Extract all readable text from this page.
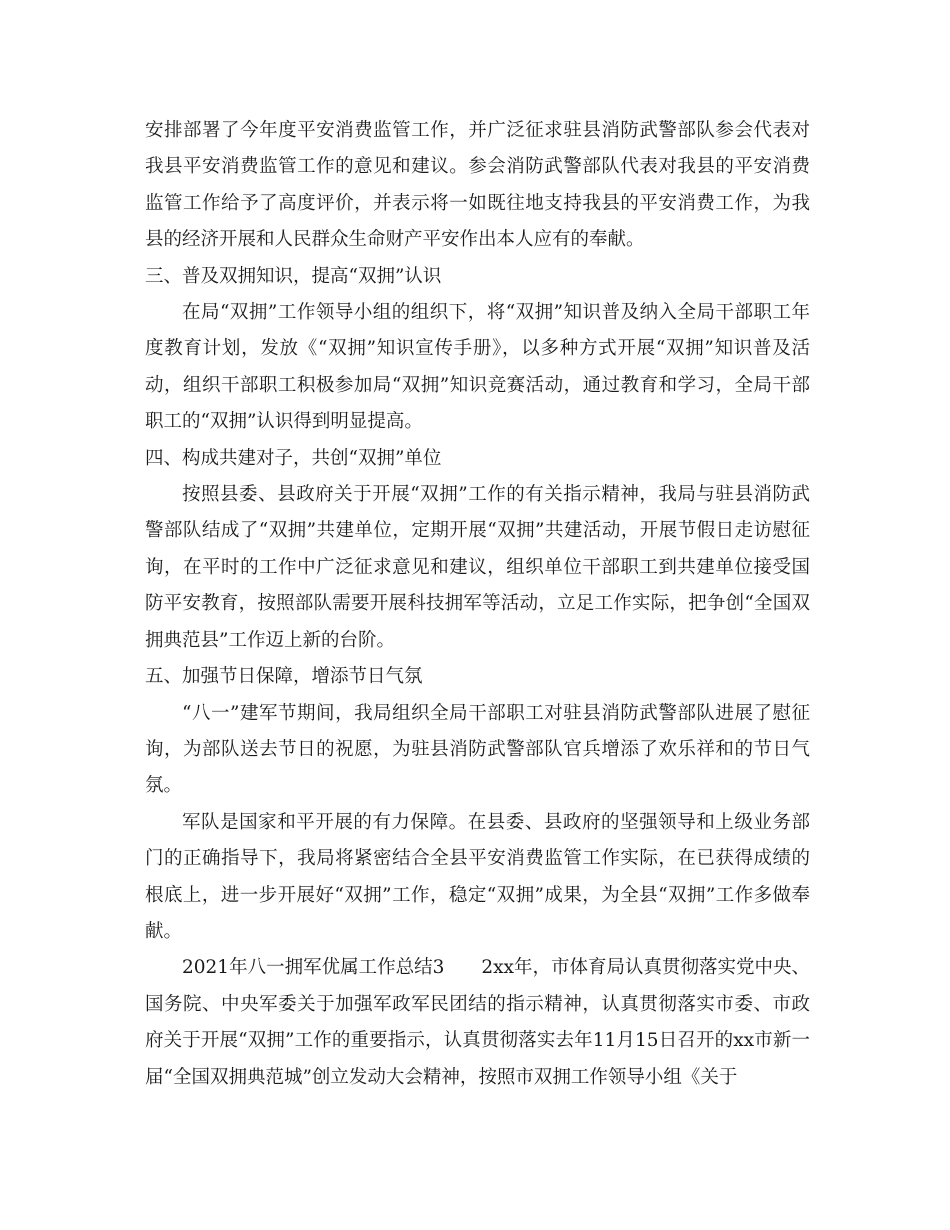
安排部署了今年度平安消费监管工作，并广泛征求驻县消防武警部队参会代表对我县平安消费监管工作的意见和建议。参会消防武警部队代表对我县的平安消费监管工作给予了高度评价，并表示将一如既往地支持我县的平安消费工作，为我县的经济开展和人民群众生命财产平安作出本人应有的奉献。

三、普及双拥知识，提高“双拥”认识

在局“双拥”工作领导小组的组织下，将“双拥”知识普及纳入全局干部职工年度教育计划，发放《“双拥”知识宣传手册》，以多种方式开展“双拥”知识普及活动，组织干部职工积极参加局“双拥”知识竞赛活动，通过教育和学习，全局干部职工的“双拥”认识得到明显提高。

四、构成共建对子，共创“双拥”单位

按照县委、县政府关于开展“双拥”工作的有关指示精神，我局与驻县消防武警部队结成了“双拥”共建单位，定期开展“双拥”共建活动，开展节假日走访慰征询，在平时的工作中广泛征求意见和建议，组织单位干部职工到共建单位接受国防平安教育，按照部队需要开展科技拥军等活动，立足工作实际，把争创“全国双拥典范县”工作迈上新的台阶。

五、加强节日保障，增添节日气氛

“八一”建军节期间，我局组织全局干部职工对驻县消防武警部队进展了慰征询，为部队送去节日的祝愿，为驻县消防武警部队官兵增添了欢乐祥和的节日气氛。

军队是国家和平开展的有力保障。在县委、县政府的坚强领导和上级业务部门的正确指导下，我局将紧密结合全县平安消费监管工作实际，在已获得成绩的根底上，进一步开展好“双拥”工作，稳定“双拥”成果，为全县“双拥”工作多做奉献。

2021年八一拥军优属工作总结3　　2xx年，市体育局认真贯彻落实党中央、国务院、中央军委关于加强军政军民团结的指示精神，认真贯彻落实市委、市政府关于开展“双拥”工作的重要指示，认真贯彻落实去年11月15日召开的xx市新一届“全国双拥典范城”创立发动大会精神，按照市双拥工作领导小组《关于
